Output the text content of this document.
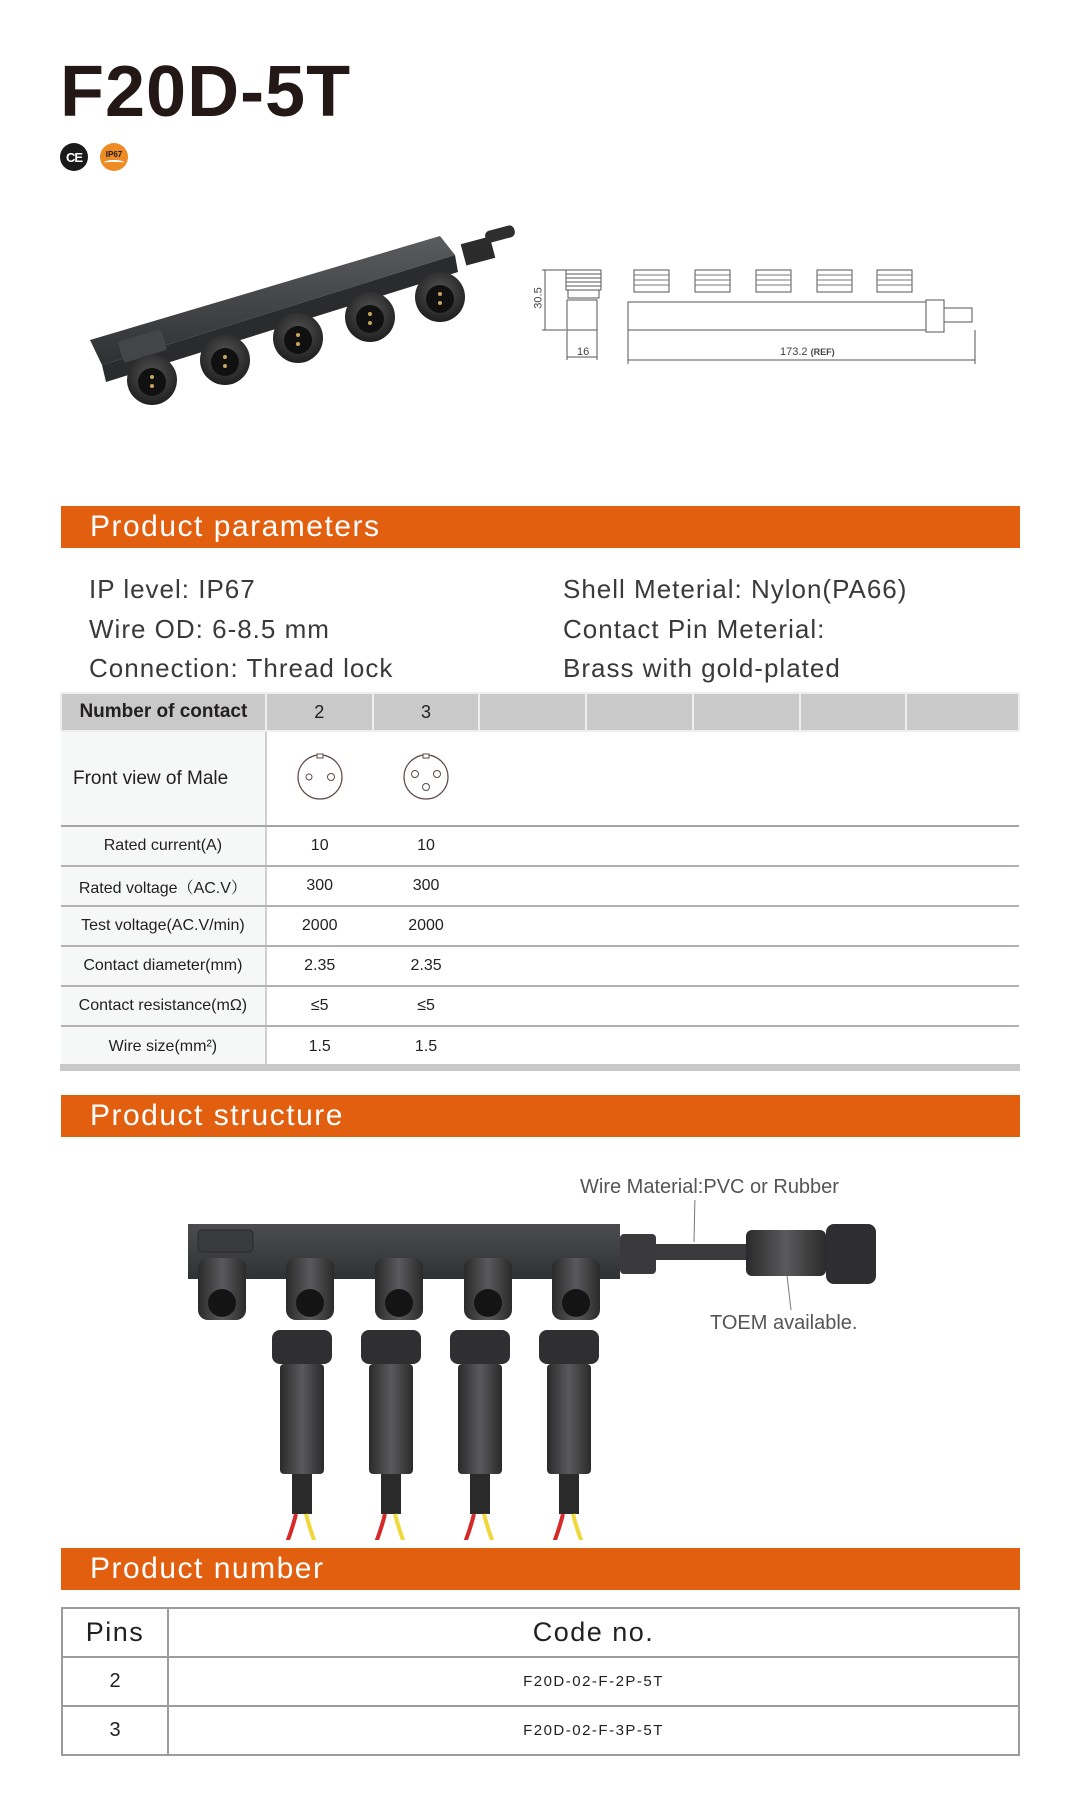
F20D-5T
CE	IP67
30.5
16	173.2 (REF)
Product parameters
IP level: IP67
Wire OD: 6-8.5 mm
Connection: Thread lock
Shell Meterial: Nylon(PA66)
Contact Pin Meterial:
Brass with gold-plated
Number of contact	2	3					
Front view of Male			
Rated current(A)	10	10					
Rated voltage（AC.V）	300	300					
Test voltage(AC.V/min)	2000	2000					
Contact diameter(mm)	2.35	2.35					
Contact resistance(mΩ)	≤5	≤5					
Wire size(mm²)	1.5	1.5					
Product structure
Wire Material:PVC or Rubber
TOEM available.
Product number
Pins	Code no.
2	F20D-02-F-2P-5T
3	F20D-02-F-3P-5T
